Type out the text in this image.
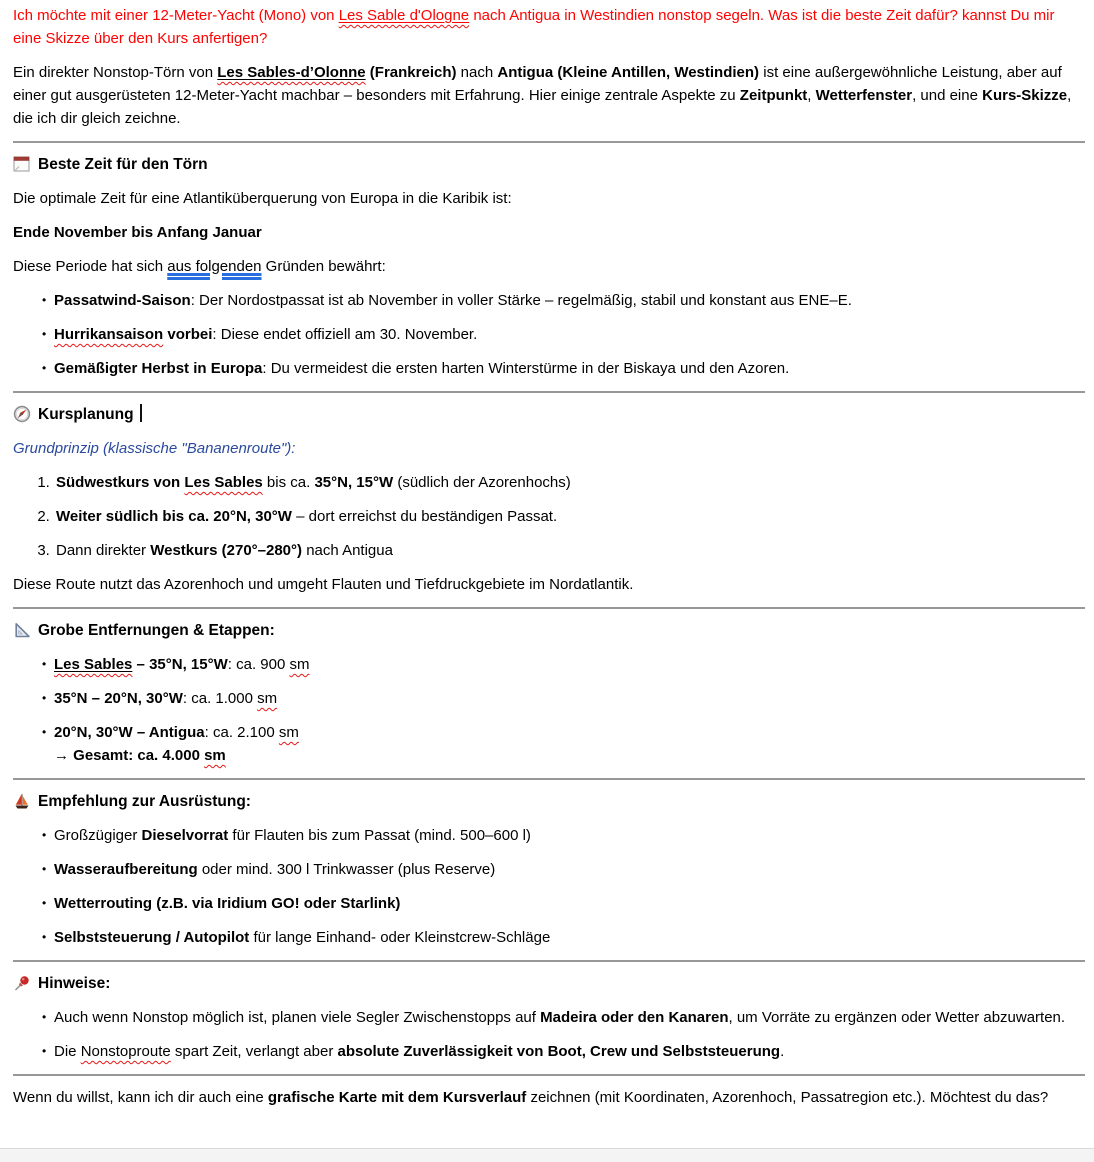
Ich möchte mit einer 12-Meter-Yacht (Mono) von Les Sable d'Ologne nach Antigua in Westindien nonstop segeln. Was ist die beste Zeit dafür? kannst Du mir eine Skizze über den Kurs anfertigen?
Ein direkter Nonstop-Törn von Les Sables-d’Olonne (Frankreich) nach Antigua (Kleine Antillen, Westindien) ist eine außergewöhnliche Leistung, aber auf einer gut ausgerüsteten 12-Meter-Yacht machbar – besonders mit Erfahrung. Hier einige zentrale Aspekte zu Zeitpunkt, Wetterfenster, und eine Kurs-Skizze, die ich dir gleich zeichne.
Beste Zeit für den Törn
Die optimale Zeit für eine Atlantiküberquerung von Europa in die Karibik ist:
Ende November bis Anfang Januar
Diese Periode hat sich aus folgenden Gründen bewährt:
• Passatwind-Saison: Der Nordostpassat ist ab November in voller Stärke – regelmäßig, stabil und konstant aus ENE–E.
• Hurrikansaison vorbei: Diese endet offiziell am 30. November.
• Gemäßigter Herbst in Europa: Du vermeidest die ersten harten Winterstürme in der Biskaya und den Azoren.
Kursplanung
Grundprinzip (klassische "Bananenroute"):
1. Südwestkurs von Les Sables bis ca. 35°N, 15°W (südlich der Azorenhochs)
2. Weiter südlich bis ca. 20°N, 30°W – dort erreichst du beständigen Passat.
3. Dann direkter Westkurs (270°–280°) nach Antigua
Diese Route nutzt das Azorenhoch und umgeht Flauten und Tiefdruckgebiete im Nordatlantik.
Grobe Entfernungen & Etappen:
• Les Sables – 35°N, 15°W: ca. 900 sm
• 35°N – 20°N, 30°W: ca. 1.000 sm
• 20°N, 30°W – Antigua: ca. 2.100 sm
→ Gesamt: ca. 4.000 sm
Empfehlung zur Ausrüstung:
• Großzügiger Dieselvorrat für Flauten bis zum Passat (mind. 500–600 l)
• Wasseraufbereitung oder mind. 300 l Trinkwasser (plus Reserve)
• Wetterrouting (z.B. via Iridium GO! oder Starlink)
• Selbststeuerung / Autopilot für lange Einhand- oder Kleinstcrew-Schläge
Hinweise:
• Auch wenn Nonstop möglich ist, planen viele Segler Zwischenstopps auf Madeira oder den Kanaren, um Vorräte zu ergänzen oder Wetter abzuwarten.
• Die Nonstoproute spart Zeit, verlangt aber absolute Zuverlässigkeit von Boot, Crew und Selbststeuerung.
Wenn du willst, kann ich dir auch eine grafische Karte mit dem Kursverlauf zeichnen (mit Koordinaten, Azorenhoch, Passatregion etc.). Möchtest du das?
